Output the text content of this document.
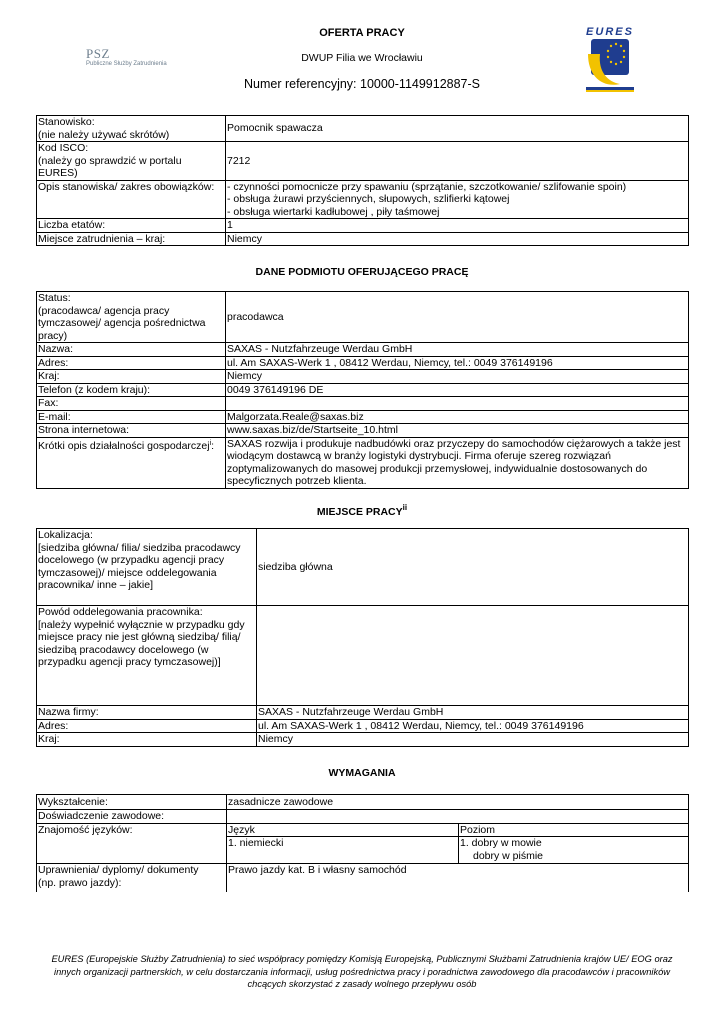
PSZ
Publiczne Służby Zatrudnienia
OFERTA PRACY
DWUP Filia we Wrocławiu
Numer referencyjny: 10000-1149912887-S
EURES
Stanowisko:
(nie należy używać skrótów)	Pomocnik spawacza
Kod ISCO:
(należy go sprawdzić w portalu EURES)	7212
Opis stanowiska/ zakres obowiązków:	- czynności pomocnicze przy spawaniu (sprzątanie, szczotkowanie/ szlifowanie spoin)
- obsługa żurawi przyściennych, słupowych, szlifierki kątowej
- obsługa wiertarki kadłubowej , piły taśmowej
Liczba etatów:	1
Miejsce zatrudnienia – kraj:	Niemcy
DANE PODMIOTU OFERUJĄCEGO PRACĘ
Status:
(pracodawca/ agencja pracy tymczasowej/ agencja pośrednictwa pracy)	pracodawca
Nazwa:	SAXAS - Nutzfahrzeuge Werdau GmbH
Adres:	ul. Am SAXAS-Werk 1 , 08412 Werdau, Niemcy, tel.: 0049 376149196
Kraj:	Niemcy
Telefon (z kodem kraju):	0049 376149196 DE
Fax:	
E-mail:	Malgorzata.Reale@saxas.biz
Strona internetowa:	www.saxas.biz/de/Startseite_10.html
Krótki opis działalności gospodarczej$^i$:	SAXAS rozwija i produkuje nadbudówki oraz przyczepy do samochodów ciężarowych a także jest wiodącym dostawcą w branży logistyki dystrybucji. Firma oferuje szereg rozwiązań zoptymalizowanych do masowej produkcji przemysłowej, indywidualnie dostosowanych do specyficznych potrzeb klienta.
MIEJSCE PRACY$^{ii}$
Lokalizacja:
[siedziba główna/ filia/ siedziba pracodawcy docelowego (w przypadku agencji pracy tymczasowej)/ miejsce oddelegowania pracownika/ inne – jakie]	siedziba główna
Powód oddelegowania pracownika:
[należy wypełnić wyłącznie w przypadku gdy miejsce pracy nie jest główną siedzibą/ filią/ siedzibą pracodawcy docelowego (w przypadku agencji pracy tymczasowej)]	
Nazwa firmy:	SAXAS - Nutzfahrzeuge Werdau GmbH
Adres:	ul. Am SAXAS-Werk 1 , 08412 Werdau, Niemcy, tel.: 0049 376149196
Kraj:	Niemcy
WYMAGANIA
Wykształcenie:	zasadnicze zawodowe	
Doświadczenie zawodowe:		
Znajomość języków:	Język	Poziom
	1. niemiecki	1. dobry w mowie
dobry w piśmie

Uprawnienia/ dyplomy/ dokumenty
(np. prawo jazdy):	Prawo jazdy kat. B i własny samochód	
EURES (Europejskie Służby Zatrudnienia) to sieć współpracy pomiędzy Komisją Europejską, Publicznymi Służbami Zatrudnienia krajów UE/ EOG oraz innych organizacji partnerskich, w celu dostarczania informacji, usług pośrednictwa pracy i poradnictwa zawodowego dla pracodawców i pracowników chcących skorzystać z zasady wolnego przepływu osób
